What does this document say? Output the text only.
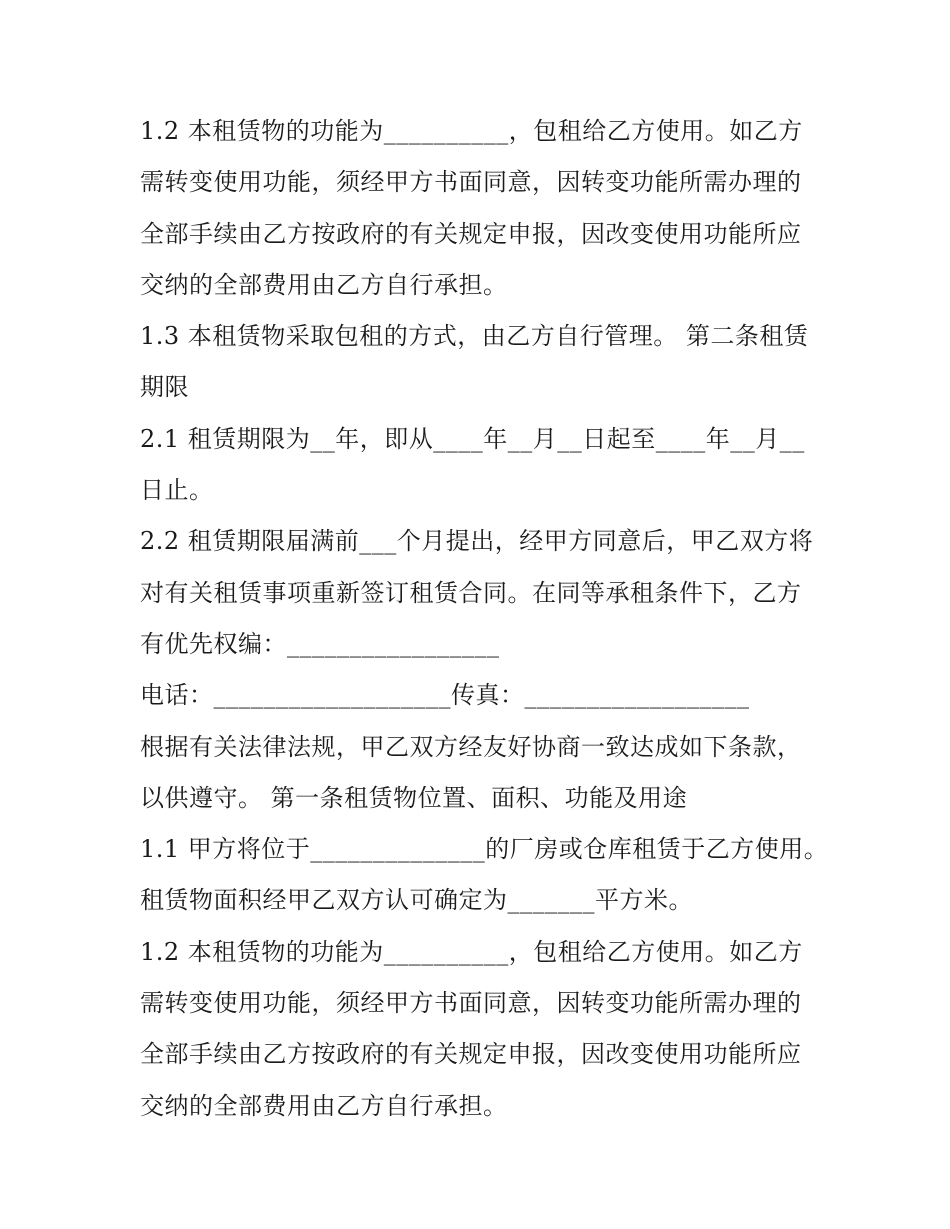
1.2 本租赁物的功能为__________，包租给乙方使用。如乙方
需转变使用功能，须经甲方书面同意，因转变功能所需办理的
全部手续由乙方按政府的有关规定申报，因改变使用功能所应
交纳的全部费用由乙方自行承担。
1.3 本租赁物采取包租的方式，由乙方自行管理。 第二条租赁
期限
2.1 租赁期限为__年，即从____年__月__日起至____年__月__
日止。
2.2 租赁期限届满前___个月提出，经甲方同意后，甲乙双方将
对有关租赁事项重新签订租赁合同。在同等承租条件下，乙方
有优先权编：_________________
电话：___________________传真：__________________
根据有关法律法规，甲乙双方经友好协商一致达成如下条款，
以供遵守。 第一条租赁物位置、面积、功能及用途
1.1 甲方将位于______________的厂房或仓库租赁于乙方使用。
租赁物面积经甲乙双方认可确定为_______平方米。
1.2 本租赁物的功能为__________，包租给乙方使用。如乙方
需转变使用功能，须经甲方书面同意，因转变功能所需办理的
全部手续由乙方按政府的有关规定申报，因改变使用功能所应
交纳的全部费用由乙方自行承担。
